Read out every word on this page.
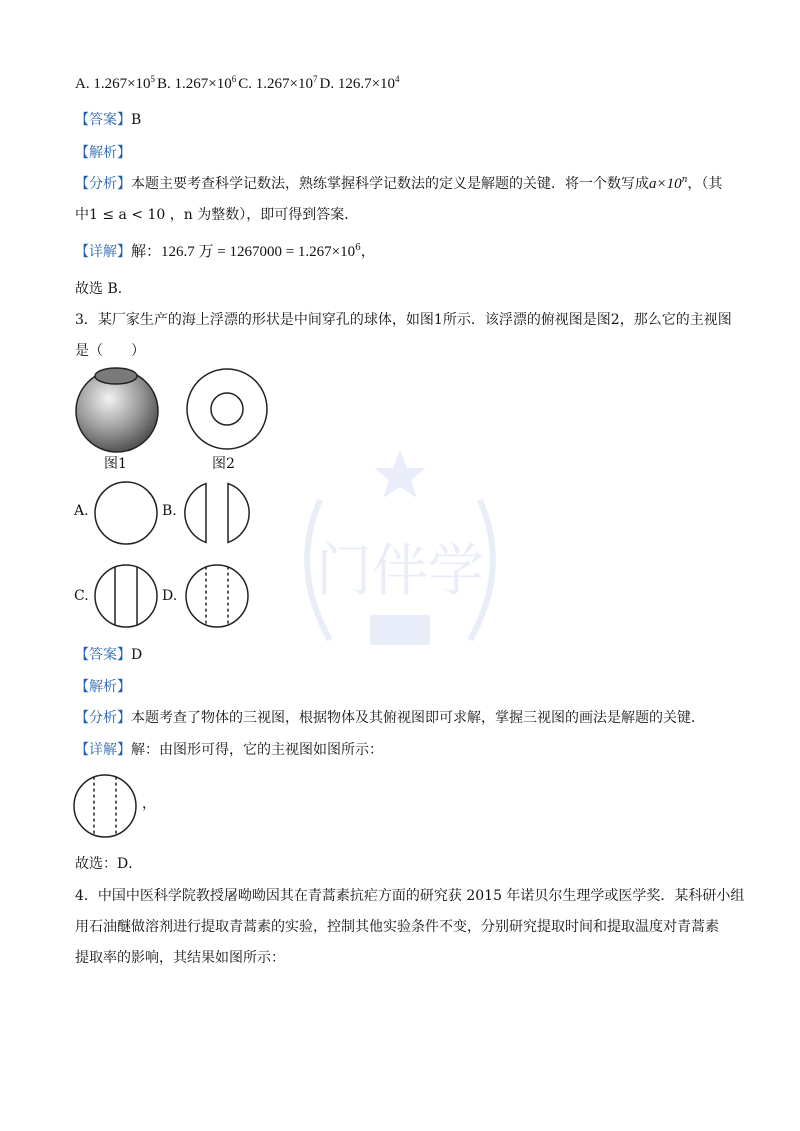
门伴学
A. $1.267\times 10^5$ B. $1.267\times 10^6$ C. $1.267\times 10^7$ D. $126.7\times 10^4$
【答案】B
【解析】
【分析】本题主要考查科学记数法，熟练掌握科学记数法的定义是解题的关键．将一个数写成$a\times 10^n$，（其
中1 ≤ a < 10 ，n 为整数），即可得到答案．
【详解】解：126.7 万 = $1267000 = 1.267\times 10^6$，
故选 B．
3．某厂家生产的海上浮漂的形状是中间穿孔的球体，如图1所示．该浮漂的俯视图是图2，那么它的主视图
是（　　）
图1	图2
A.	B.
C.	D.
【答案】D
【解析】
【分析】本题考查了物体的三视图，根据物体及其俯视图即可求解，掌握三视图的画法是解题的关键．
【详解】解：由图形可得，它的主视图如图所示：
，
故选：D．
4．中国中医科学院教授屠呦呦因其在青蒿素抗疟方面的研究获 2015 年诺贝尔生理学或医学奖．某科研小组
用石油醚做溶剂进行提取青蒿素的实验，控制其他实验条件不变，分别研究提取时间和提取温度对青蒿素
提取率的影响，其结果如图所示：
